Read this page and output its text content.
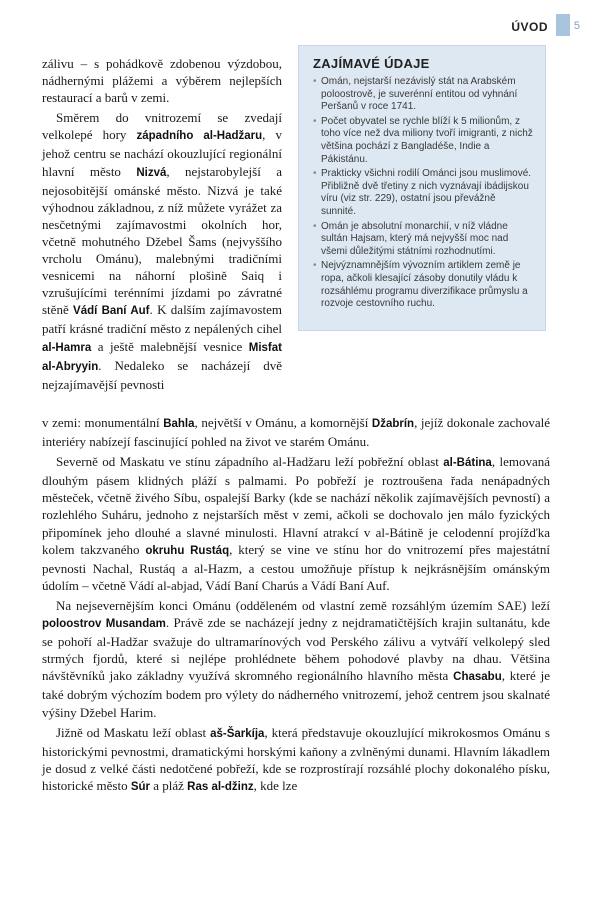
ÚVOD 5
ZAJÍMAVÉ ÚDAJE
• Omán, nejstarší nezávislý stát na Arabském poloostrově, je suverénní entitou od vyhnání Peršanů v roce 1741.
• Počet obyvatel se rychle blíží k 5 milionům, z toho více než dva miliony tvoří imigranti, z nichž většina pochází z Bangladéše, Indie a Pákistánu.
• Prakticky všichni rodilí Ománci jsou muslimové. Přibližně dvě třetiny z nich vyznávají ibádijskou víru (viz str. 229), ostatní jsou převážně sunnité.
• Omán je absolutní monarchií, v níž vládne sultán Hajsam, který má nejvyšší moc nad všemi důležitými státními rozhodnutími.
• Nejvýznamnějším vývozním artiklem země je ropa, ačkoli klesající zásoby donutily vládu k rozsáhlému programu diverzifikace průmyslu a rozvoje cestovního ruchu.

zálivu – s pohádkově zdobenou výzdobou, nádhernými plážemi a výběrem nejlepších restaurací a barů v zemi.

Směrem do vnitrozemí se zvedají velkolepé hory západního al-Hadžaru, v jehož centru se nachází okouzlující regionální hlavní město Nizvá, nejstarobylejší a nejosobitější ománské město. Nizvá je také výhodnou základnou, z níž můžete vyrážet za nesčetnými zajímavostmi okolních hor, včetně mohutného Džebel Šams (nejvyššího vrcholu Ománu), malebnými tradičními vesnicemi na náhorní plošině Saiq i vzrušujícími terénními jízdami po závratné stěně Vádí Baní Auf. K dalším zajímavostem patří krásné tradiční město z nepálených cihel al-Hamra a ještě malebnější vesnice Misfat al-Abryyin. Nedaleko se nacházejí dvě nejzajímavější pevnosti

v zemi: monumentální Bahla, největší v Ománu, a komornější Džabrín, jejíž dokonale zachovalé interiéry nabízejí fascinující pohled na život ve starém Ománu.

Severně od Maskatu ve stínu západního al-Hadžaru leží pobřežní oblast al-Bátina, lemovaná dlouhým pásem klidných pláží s palmami. Po pobřeží je roztroušena řada nenápadných městeček, včetně živého Síbu, ospalejší Barky (kde se nachází několik zajímavějších pevností) a rozlehlého Suháru, jednoho z nejstarších měst v zemi, ačkoli se dochovalo jen málo fyzických připomínek jeho dlouhé a slavné minulosti. Hlavní atrakcí v al-Bátině je celodenní projížďka kolem takzvaného okruhu Rustáq, který se vine ve stínu hor do vnitrozemí přes majestátní pevnosti Nachal, Rustáq a al-Hazm, a cestou umožňuje přístup k nejkrásnějším ománským údolím – včetně Vádí al-abjad, Vádí Baní Charús a Vádí Baní Auf.

Na nejsevernějším konci Ománu (odděleném od vlastní země rozsáhlým územím SAE) leží poloostrov Musandam. Právě zde se nacházejí jedny z nejdramatičtějších krajin sultanátu, kde se pohoří al-Hadžar svažuje do ultramarínových vod Perského zálivu a vytváří velkolepý sled strmých fjordů, které si nejlépe prohlédnete během pohodové plavby na dhau. Většina návštěvníků jako základny využívá skromného regionálního hlavního města Chasabu, které je také dobrým výchozím bodem pro výlety do nádherného vnitrozemí, jehož centrem jsou skalnaté výšiny Džebel Harim.

Jižně od Maskatu leží oblast aš-Šarkíja, která představuje okouzlující mikrokosmos Ománu s historickými pevnostmi, dramatickými horskými kaňony a zvlněnými dunami. Hlavním lákadlem je dosud z velké části nedotčené pobřeží, kde se rozprostírají rozsáhlé plochy dokonalého písku, historické město Súr a pláž Ras al-džinz, kde lze
